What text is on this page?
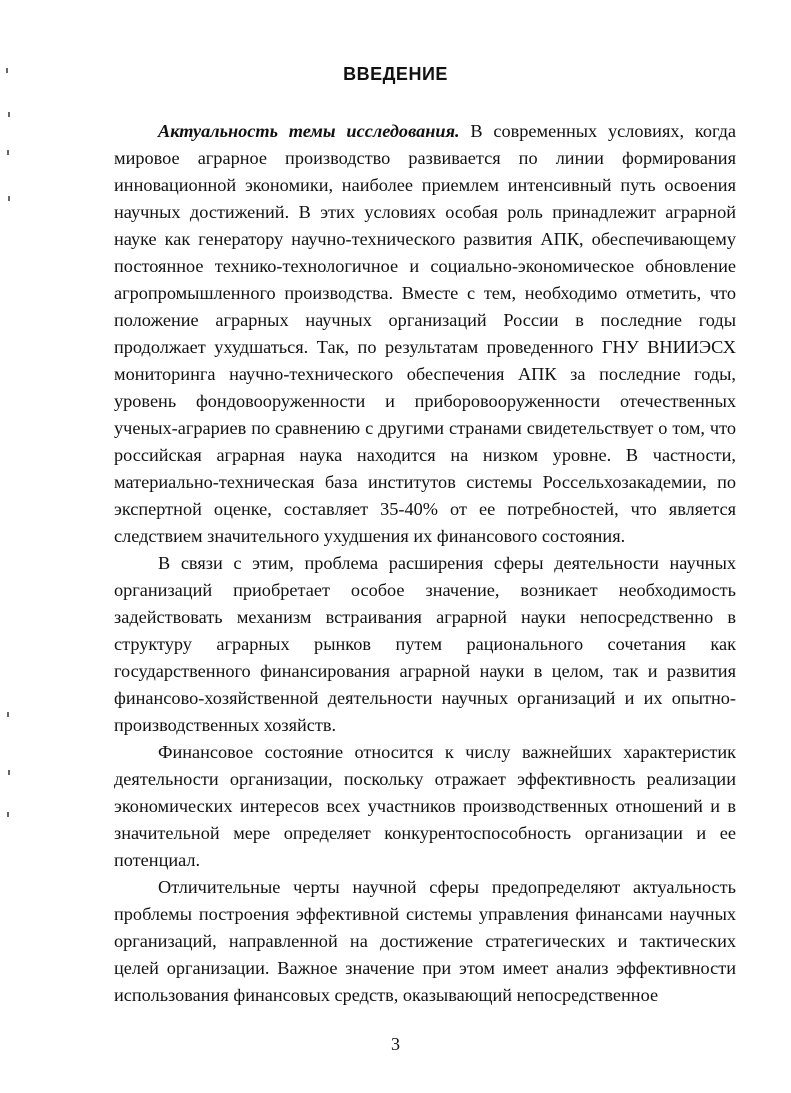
ВВЕДЕНИЕ

Актуальность темы исследования. В современных условиях, когда мировое аграрное производство развивается по линии формирования инновационной экономики, наиболее приемлем интенсивный путь освоения научных достижений. В этих условиях особая роль принадлежит аграрной науке как генератору научно-технического развития АПК, обеспечивающему постоянное технико-технологичное и социально-экономическое обновление агропромышленного производства. Вместе с тем, необходимо отметить, что положение аграрных научных организаций России в последние годы продолжает ухудшаться. Так, по результатам проведенного ГНУ ВНИИЭСХ мониторинга научно-технического обеспечения АПК за последние годы, уровень фондовооруженности и приборовооруженности отечественных ученых-аграриев по сравнению с другими странами свидетельствует о том, что российская аграрная наука находится на низком уровне. В частности, материально-техническая база институтов системы Россельхозакадемии, по экспертной оценке, составляет 35-40% от ее потребностей, что является следствием значительного ухудшения их финансового состояния.

В связи с этим, проблема расширения сферы деятельности научных организаций приобретает особое значение, возникает необходимость задействовать механизм встраивания аграрной науки непосредственно в структуру аграрных рынков путем рационального сочетания как государственного финансирования аграрной науки в целом, так и развития финансово-хозяйственной деятельности научных организаций и их опытно-производственных хозяйств.

Финансовое состояние относится к числу важнейших характеристик деятельности организации, поскольку отражает эффективность реализации экономических интересов всех участников производственных отношений и в значительной мере определяет конкурентоспособность организации и ее потенциал.

Отличительные черты научной сферы предопределяют актуальность проблемы построения эффективной системы управления финансами научных организаций, направленной на достижение стратегических и тактических целей организации. Важное значение при этом имеет анализ эффективности использования финансовых средств, оказывающий непосредственное

3
